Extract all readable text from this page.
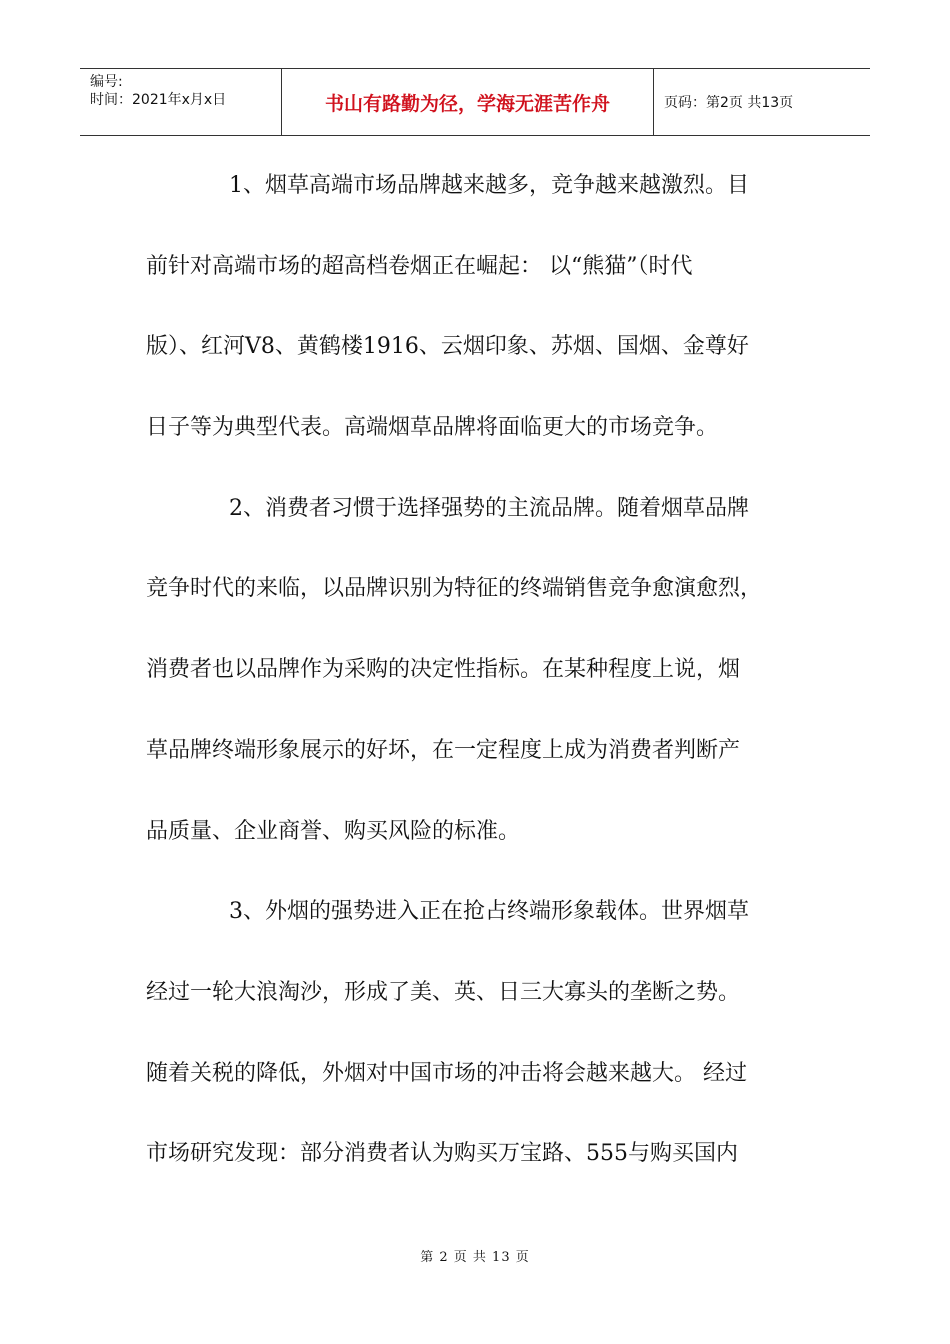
编号:
时间：2021年x月x日	书山有路勤为径，学海无涯苦作舟	页码：第2页 共13页
1、烟草高端市场品牌越来越多，竞争越来越激烈。目
前针对高端市场的超高档卷烟正在崛起： 以“熊猫”（时代
版）、红河V8、黄鹤楼1916、云烟印象、苏烟、国烟、金尊好
日子等为典型代表。高端烟草品牌将面临更大的市场竞争。
2、消费者习惯于选择强势的主流品牌。随着烟草品牌
竞争时代的来临，以品牌识别为特征的终端销售竞争愈演愈烈，
消费者也以品牌作为采购的决定性指标。在某种程度上说，烟
草品牌终端形象展示的好坏，在一定程度上成为消费者判断产
品质量、企业商誉、购买风险的标准。
3、外烟的强势进入正在抢占终端形象载体。世界烟草
经过一轮大浪淘沙，形成了美、英、日三大寡头的垄断之势。
随着关税的降低，外烟对中国市场的冲击将会越来越大。 经过
市场研究发现：部分消费者认为购买万宝路、555与购买国内
第 2 页 共 13 页
